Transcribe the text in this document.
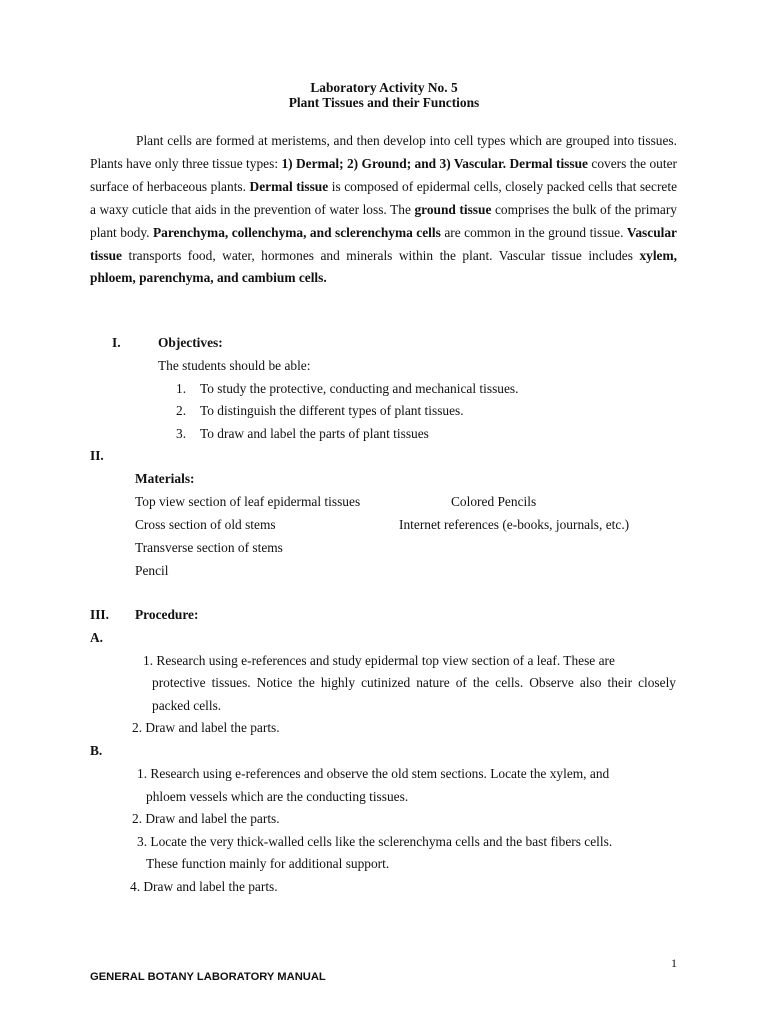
Laboratory Activity No. 5
Plant Tissues and their Functions

Plant cells are formed at meristems, and then develop into cell types which are grouped into tissues. Plants have only three tissue types: 1) Dermal; 2) Ground; and 3) Vascular. Dermal tissue covers the outer surface of herbaceous plants. Dermal tissue is composed of epidermal cells, closely packed cells that secrete a waxy cuticle that aids in the prevention of water loss. The ground tissue comprises the bulk of the primary plant body. Parenchyma, collenchyma, and sclerenchyma cells are common in the ground tissue. Vascular tissue transports food, water, hormones and minerals within the plant. Vascular tissue includes xylem, phloem, parenchyma, and cambium cells.

I.	Objectives:
The students should be able:
1. To study the protective, conducting and mechanical tissues.
2. To distinguish the different types of plant tissues.
3. To draw and label the parts of plant tissues
II.
Materials:
Top view section of leaf epidermal tissues
Cross section of old stems
Transverse section of stems
Pencil
Colored Pencils
Internet references (e-books, journals, etc.)
III. Procedure:
A.
1. Research using e-references and study epidermal top view section of a leaf. These are

protective tissues. Notice the highly cutinized nature of the cells. Observe also their closely packed cells.

2. Draw and label the parts.
B.
1. Research using e-references and observe the old stem sections. Locate the xylem, and
phloem vessels which are the conducting tissues.
2. Draw and label the parts.
3. Locate the very thick-walled cells like the sclerenchyma cells and the bast fibers cells.
These function mainly for additional support.
4. Draw and label the parts.
1
GENERAL BOTANY LABORATORY MANUAL
